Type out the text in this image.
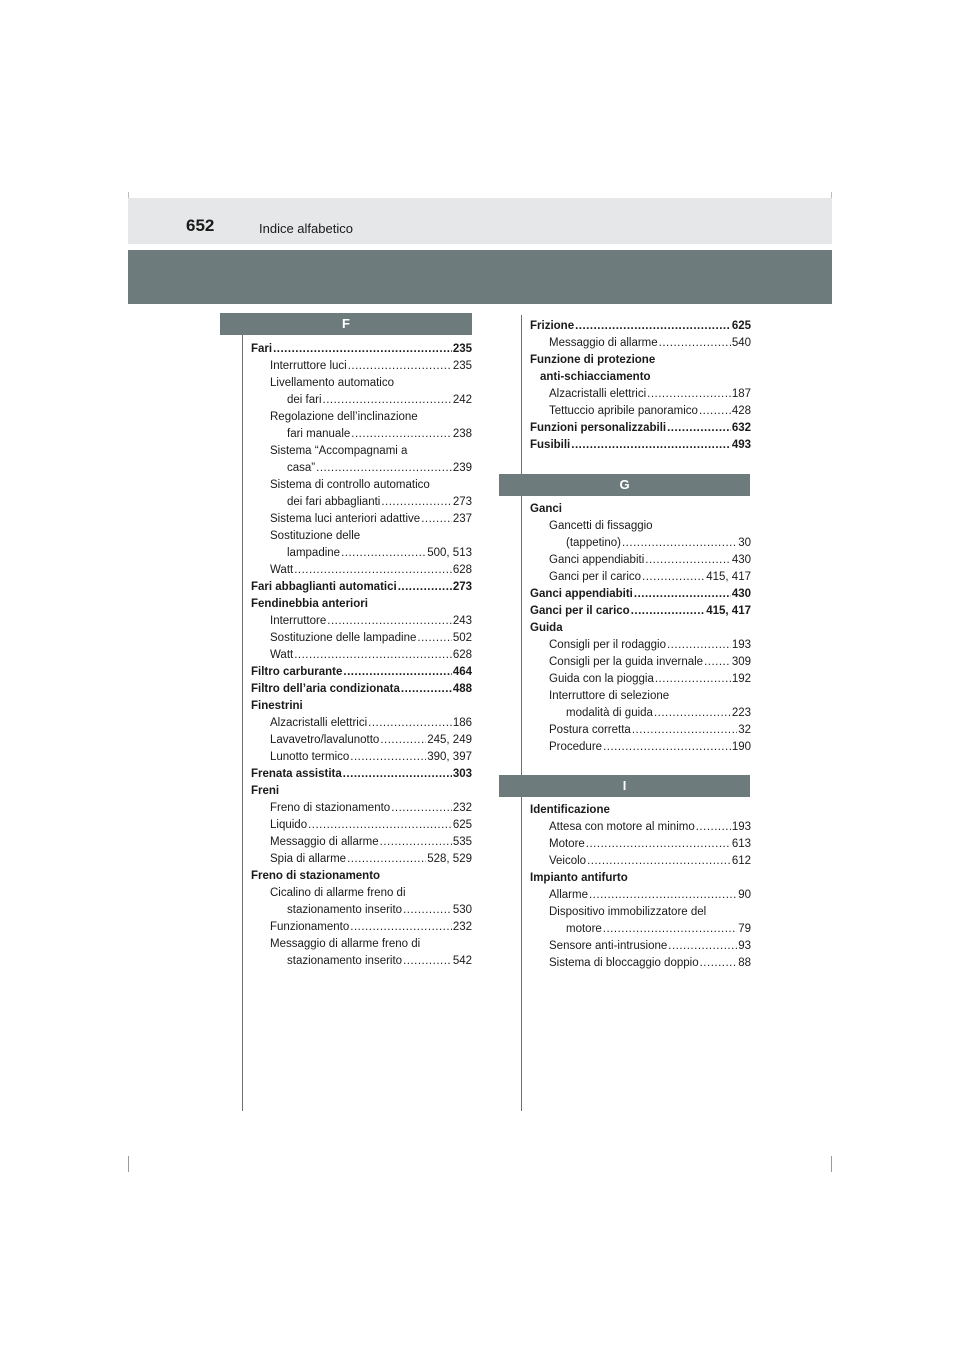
652	Indice alfabetico
F
Fari .....	235
Interruttore luci .....	235
Livellamento automatico
dei fari .....	242
Regolazione dell’inclinazione
fari manuale .....	238
Sistema “Accompagnami a
casa” .....	239
Sistema di controllo automatico
dei fari abbaglianti .....	273
Sistema luci anteriori adattive .....	237
Sostituzione delle
lampadine .....	500, 513
Watt .....	628
Fari abbaglianti automatici .....	273
Fendinebbia anteriori
Interruttore .....	243
Sostituzione delle lampadine .....	502
Watt .....	628
Filtro carburante .....	464
Filtro dell’aria condizionata .....	488
Finestrini
Alzacristalli elettrici .....	186
Lavavetro/lavalunotto .....	245, 249
Lunotto termico .....	390, 397
Frenata assistita .....	303
Freni
Freno di stazionamento .....	232
Liquido .....	625
Messaggio di allarme .....	535
Spia di allarme .....	528, 529
Freno di stazionamento
Cicalino di allarme freno di
stazionamento inserito .....	530
Funzionamento .....	232
Messaggio di allarme freno di
stazionamento inserito .....	542
Frizione .....	625
Messaggio di allarme .....	540
Funzione di protezione
anti-schiacciamento
Alzacristalli elettrici .....	187
Tettuccio apribile panoramico .....	428
Funzioni personalizzabili .....	632
Fusibili .....	493
G
Ganci
Gancetti di fissaggio
(tappetino) .....	30
Ganci appendiabiti .....	430
Ganci per il carico .....	415, 417
Ganci appendiabiti .....	430
Ganci per il carico .....	415, 417
Guida
Consigli per il rodaggio .....	193
Consigli per la guida invernale ..... 309
Guida con la pioggia .....	192
Interruttore di selezione
modalità di guida .....	223
Postura corretta .....	32
Procedure .....	190
I
Identificazione
Attesa con motore al minimo .....	193
Motore .....	613
Veicolo .....	612
Impianto antifurto
Allarme .....	90
Dispositivo immobilizzatore del
motore .....	79
Sensore anti-intrusione .....	93
Sistema di bloccaggio doppio .....	88
